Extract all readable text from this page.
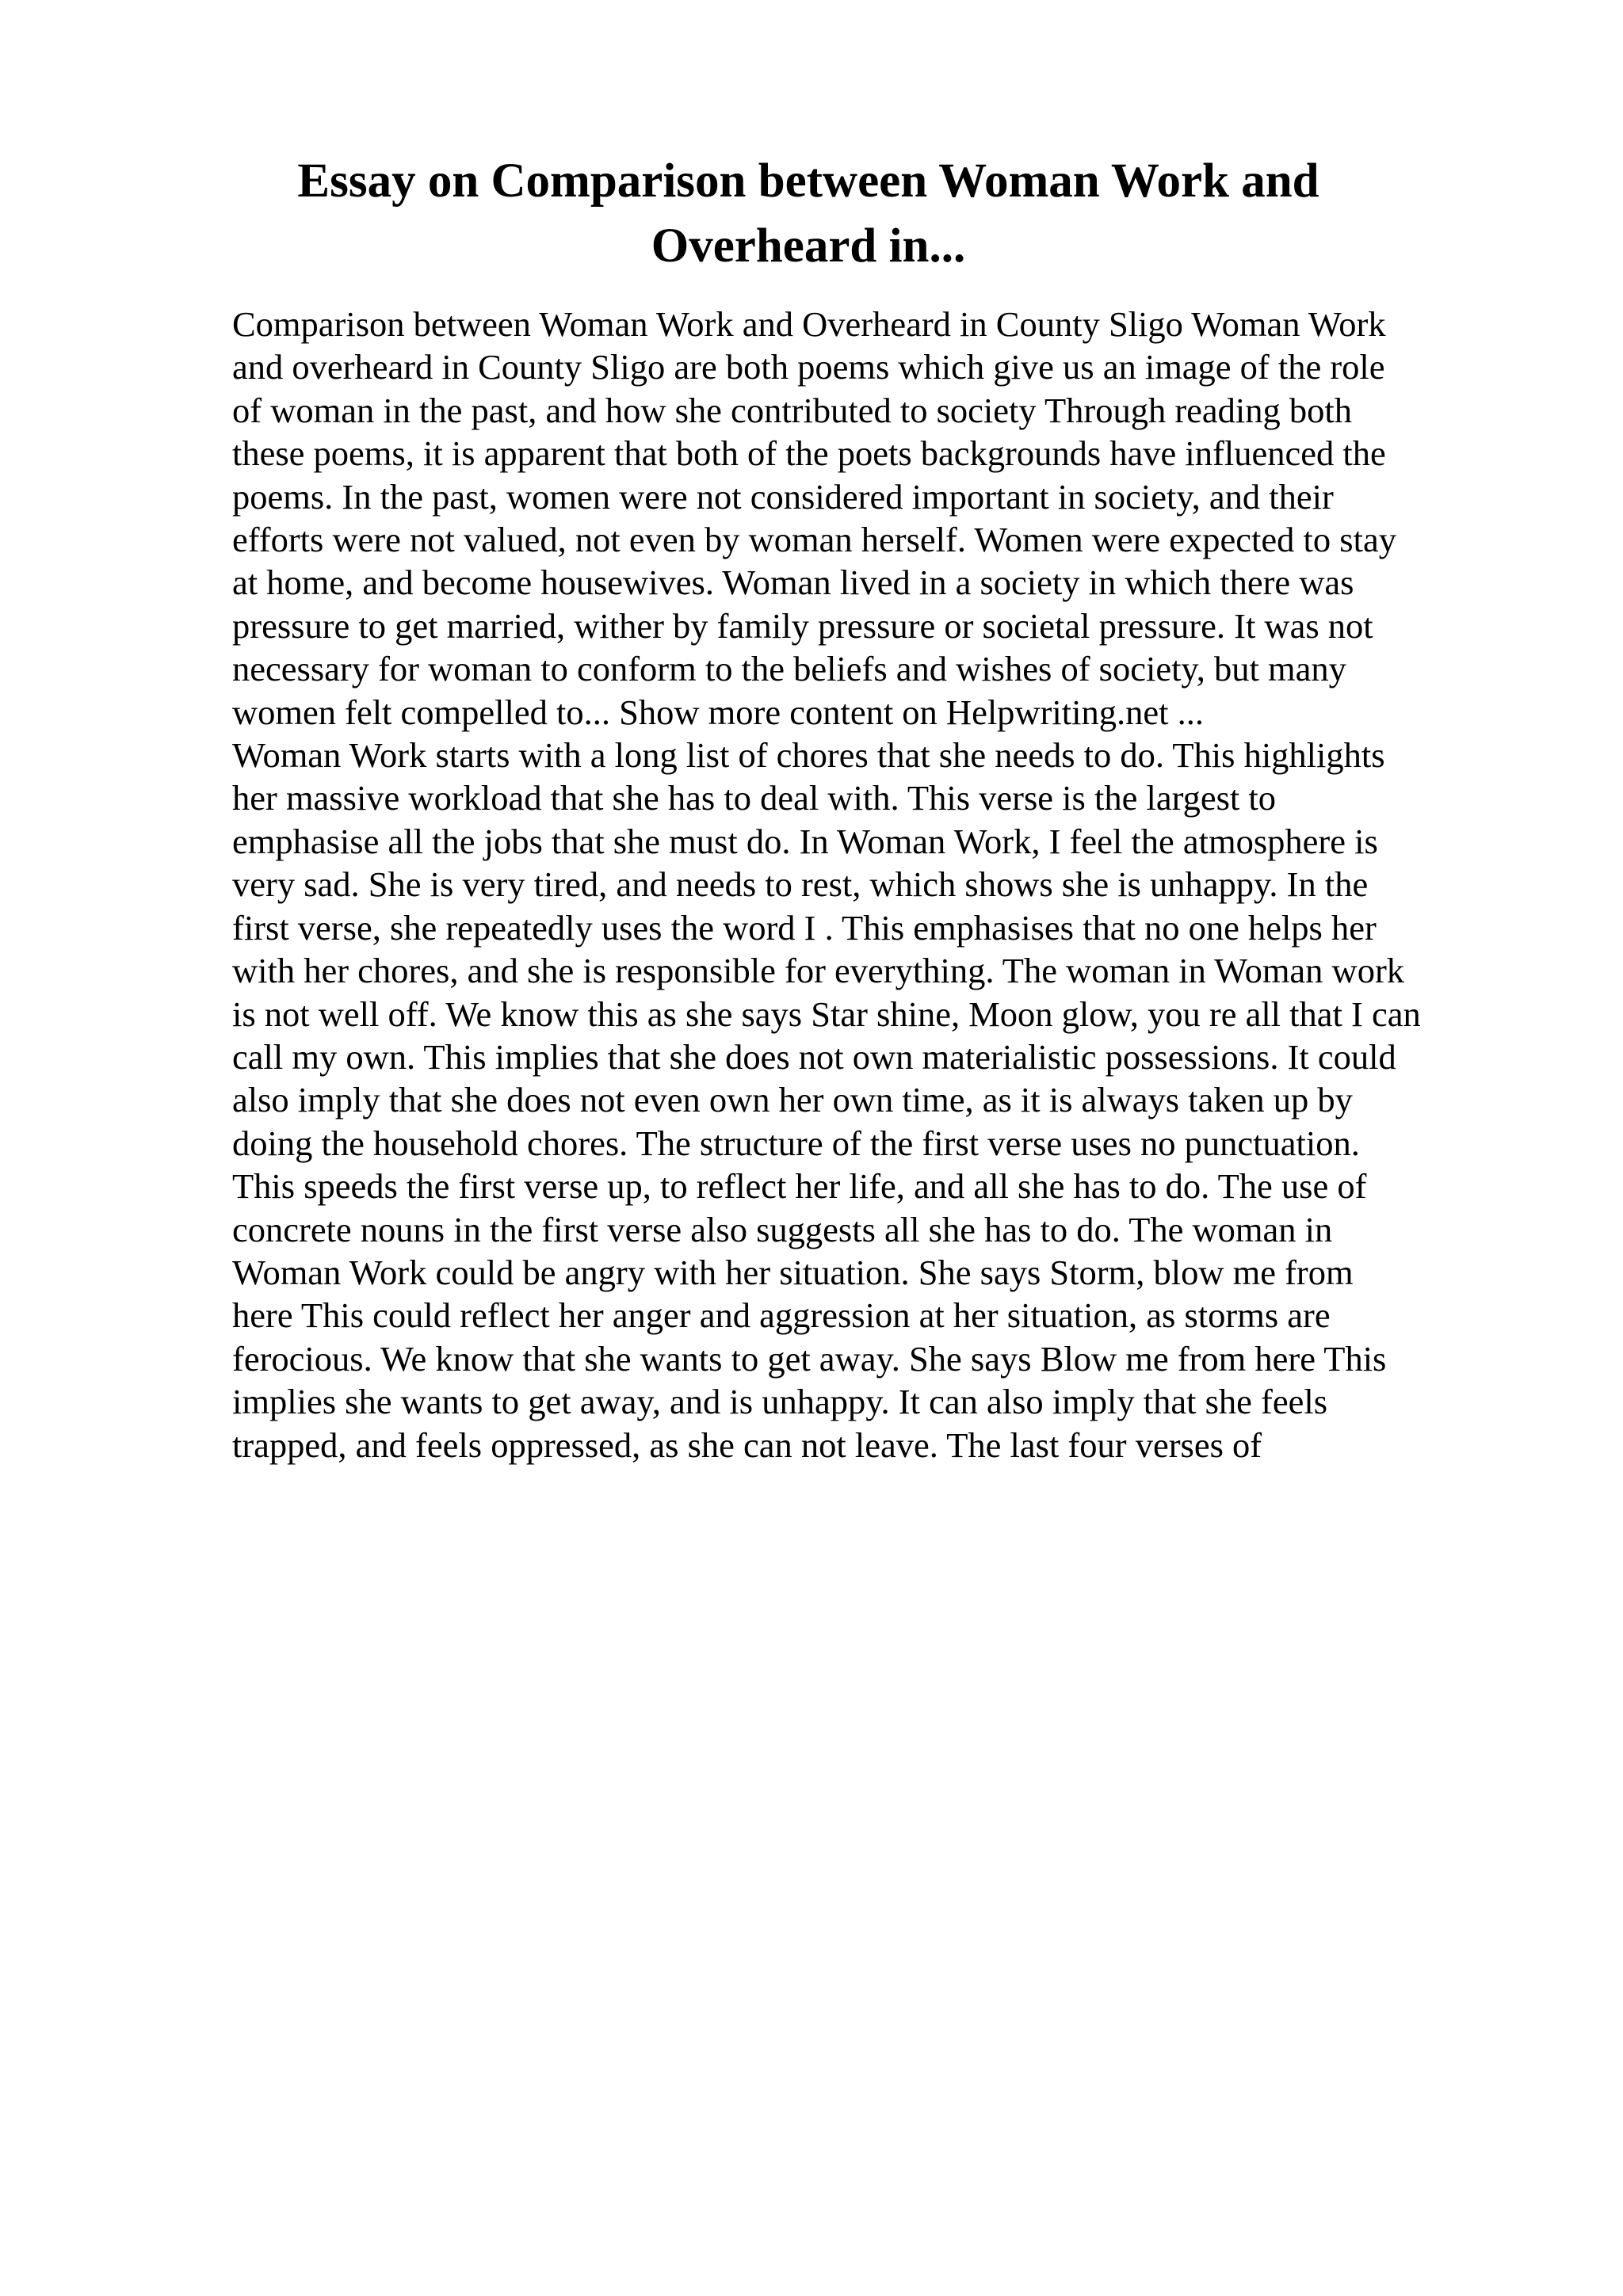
Essay on Comparison between Woman Work and
Overheard in...
Comparison between Woman Work and Overheard in County Sligo Woman Work
and overheard in County Sligo are both poems which give us an image of the role
of woman in the past, and how she contributed to society Through reading both
these poems, it is apparent that both of the poets backgrounds have influenced the
poems. In the past, women were not considered important in society, and their
efforts were not valued, not even by woman herself. Women were expected to stay
at home, and become housewives. Woman lived in a society in which there was
pressure to get married, wither by family pressure or societal pressure. It was not
necessary for woman to conform to the beliefs and wishes of society, but many
women felt compelled to... Show more content on Helpwriting.net ...
Woman Work starts with a long list of chores that she needs to do. This highlights
her massive workload that she has to deal with. This verse is the largest to
emphasise all the jobs that she must do. In Woman Work, I feel the atmosphere is
very sad. She is very tired, and needs to rest, which shows she is unhappy. In the
first verse, she repeatedly uses the word I . This emphasises that no one helps her
with her chores, and she is responsible for everything. The woman in Woman work
is not well off. We know this as she says Star shine, Moon glow, you re all that I can
call my own. This implies that she does not own materialistic possessions. It could
also imply that she does not even own her own time, as it is always taken up by
doing the household chores. The structure of the first verse uses no punctuation.
This speeds the first verse up, to reflect her life, and all she has to do. The use of
concrete nouns in the first verse also suggests all she has to do. The woman in
Woman Work could be angry with her situation. She says Storm, blow me from
here This could reflect her anger and aggression at her situation, as storms are
ferocious. We know that she wants to get away. She says Blow me from here This
implies she wants to get away, and is unhappy. It can also imply that she feels
trapped, and feels oppressed, as she can not leave. The last four verses of
